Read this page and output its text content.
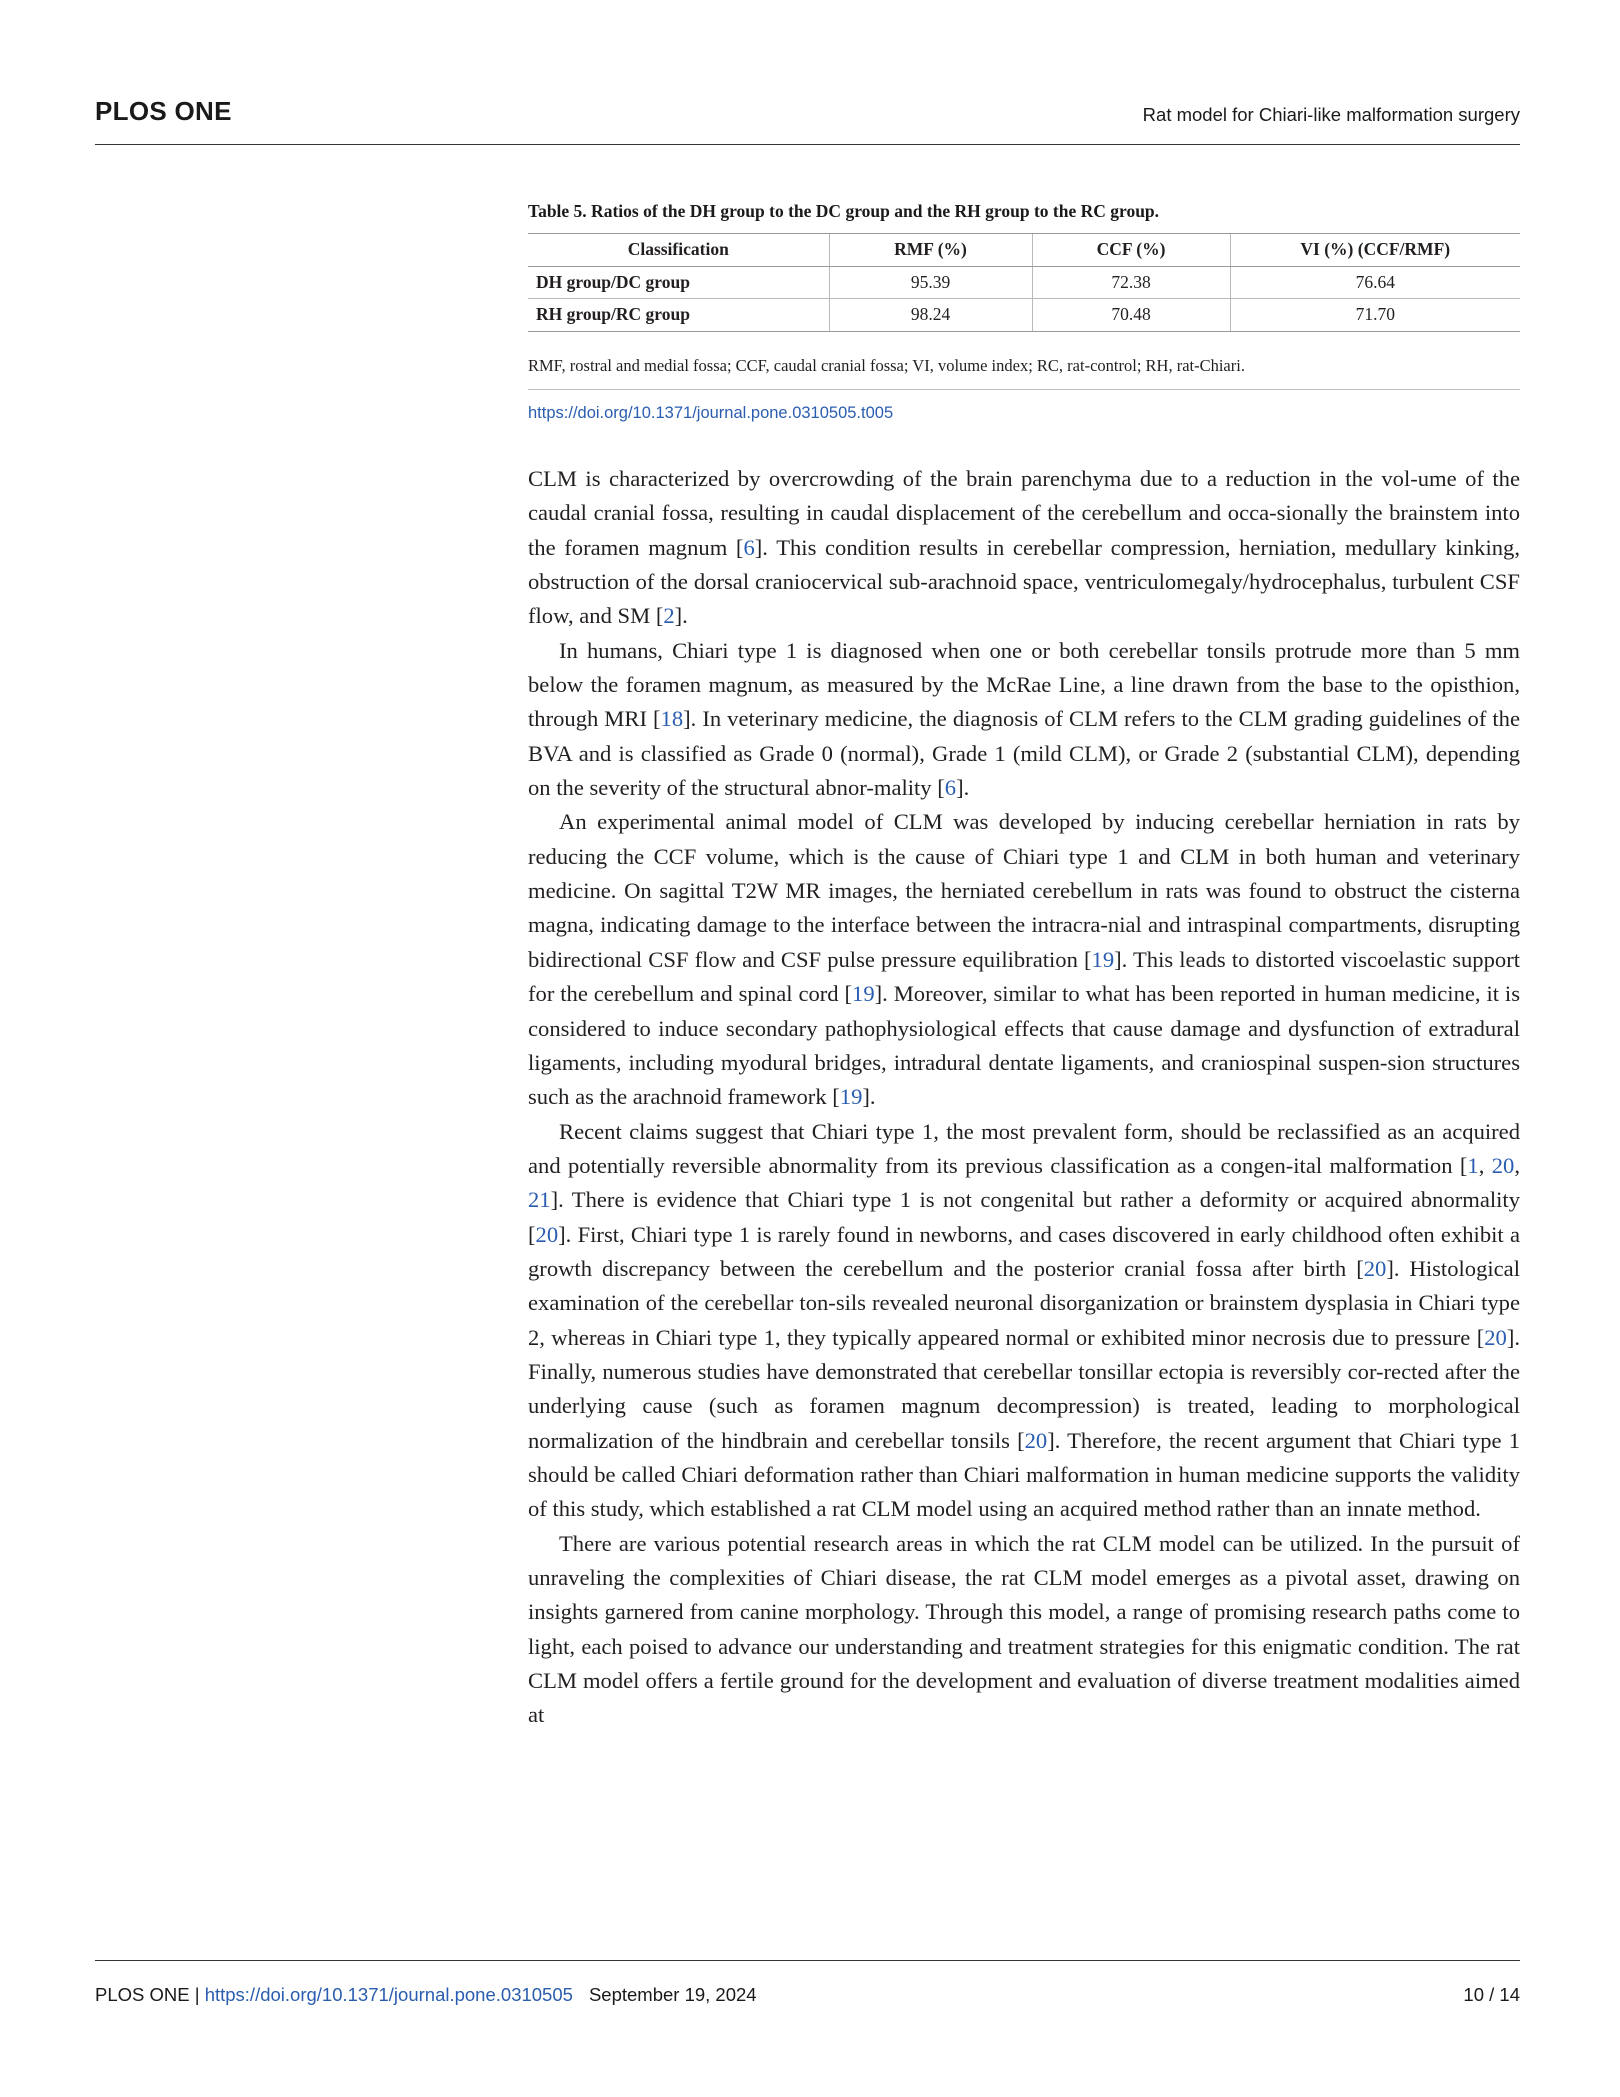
PLOS ONE	Rat model for Chiari-like malformation surgery
Table 5. Ratios of the DH group to the DC group and the RH group to the RC group.
Classification	RMF (%)	CCF (%)	VI (%) (CCF/RMF)
DH group/DC group	95.39	72.38	76.64
RH group/RC group	98.24	70.48	71.70
RMF, rostral and medial fossa; CCF, caudal cranial fossa; VI, volume index; RC, rat-control; RH, rat-Chiari.
https://doi.org/10.1371/journal.pone.0310505.t005

CLM is characterized by overcrowding of the brain parenchyma due to a reduction in the vol-ume of the caudal cranial fossa, resulting in caudal displacement of the cerebellum and occa-sionally the brainstem into the foramen magnum [6]. This condition results in cerebellar compression, herniation, medullary kinking, obstruction of the dorsal craniocervical sub-arachnoid space, ventriculomegaly/hydrocephalus, turbulent CSF flow, and SM [2].

In humans, Chiari type 1 is diagnosed when one or both cerebellar tonsils protrude more than 5 mm below the foramen magnum, as measured by the McRae Line, a line drawn from the base to the opisthion, through MRI [18]. In veterinary medicine, the diagnosis of CLM refers to the CLM grading guidelines of the BVA and is classified as Grade 0 (normal), Grade 1 (mild CLM), or Grade 2 (substantial CLM), depending on the severity of the structural abnor-mality [6].

An experimental animal model of CLM was developed by inducing cerebellar herniation in rats by reducing the CCF volume, which is the cause of Chiari type 1 and CLM in both human and veterinary medicine. On sagittal T2W MR images, the herniated cerebellum in rats was found to obstruct the cisterna magna, indicating damage to the interface between the intracra-nial and intraspinal compartments, disrupting bidirectional CSF flow and CSF pulse pressure equilibration [19]. This leads to distorted viscoelastic support for the cerebellum and spinal cord [19]. Moreover, similar to what has been reported in human medicine, it is considered to induce secondary pathophysiological effects that cause damage and dysfunction of extradural ligaments, including myodural bridges, intradural dentate ligaments, and craniospinal suspen-sion structures such as the arachnoid framework [19].

Recent claims suggest that Chiari type 1, the most prevalent form, should be reclassified as an acquired and potentially reversible abnormality from its previous classification as a congen-ital malformation [1, 20, 21]. There is evidence that Chiari type 1 is not congenital but rather a deformity or acquired abnormality [20]. First, Chiari type 1 is rarely found in newborns, and cases discovered in early childhood often exhibit a growth discrepancy between the cerebellum and the posterior cranial fossa after birth [20]. Histological examination of the cerebellar ton-sils revealed neuronal disorganization or brainstem dysplasia in Chiari type 2, whereas in Chiari type 1, they typically appeared normal or exhibited minor necrosis due to pressure [20]. Finally, numerous studies have demonstrated that cerebellar tonsillar ectopia is reversibly cor-rected after the underlying cause (such as foramen magnum decompression) is treated, leading to morphological normalization of the hindbrain and cerebellar tonsils [20]. Therefore, the recent argument that Chiari type 1 should be called Chiari deformation rather than Chiari malformation in human medicine supports the validity of this study, which established a rat CLM model using an acquired method rather than an innate method.

There are various potential research areas in which the rat CLM model can be utilized. In the pursuit of unraveling the complexities of Chiari disease, the rat CLM model emerges as a pivotal asset, drawing on insights garnered from canine morphology. Through this model, a range of promising research paths come to light, each poised to advance our understanding and treatment strategies for this enigmatic condition. The rat CLM model offers a fertile ground for the development and evaluation of diverse treatment modalities aimed at

PLOS ONE | https://doi.org/10.1371/journal.pone.0310505 September 19, 2024	10 / 14
